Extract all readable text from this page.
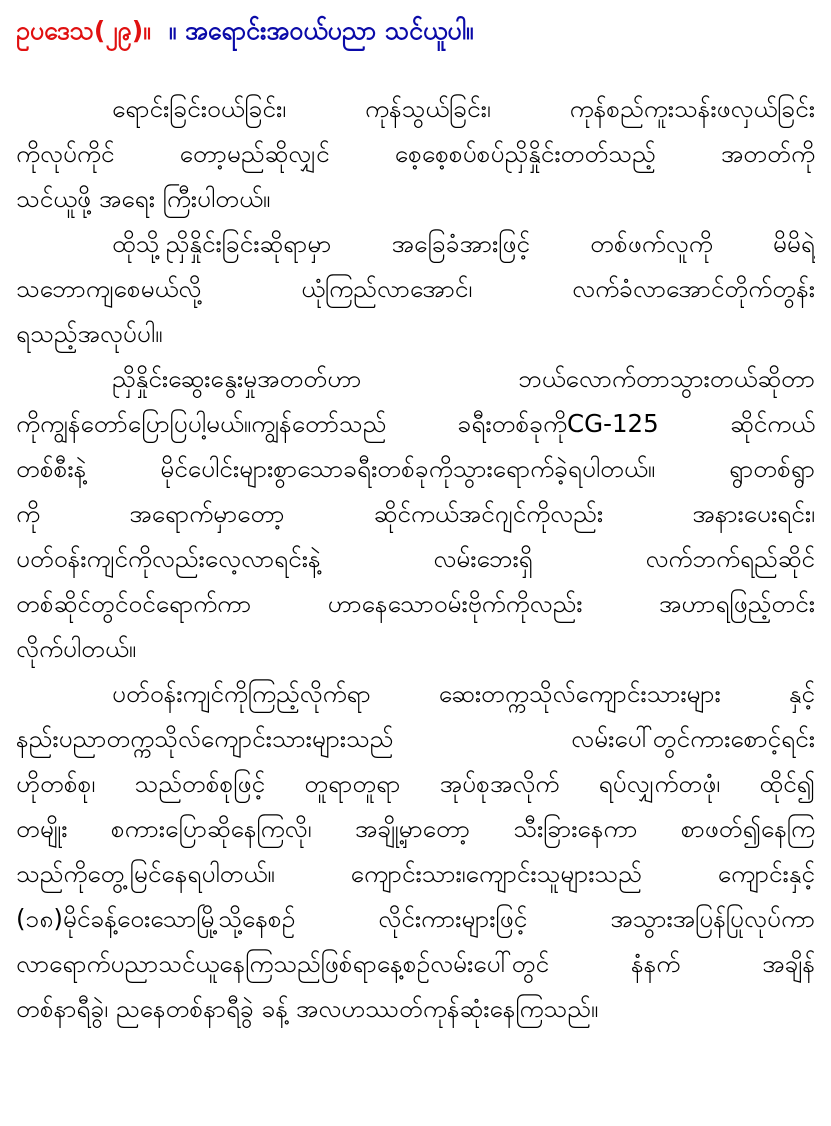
ဥပဒေသ(၂၉)။ ။ အရောင်းအဝယ်ပညာ သင်ယူပါ။
ရောင်းခြင်းဝယ်ခြင်း၊ ကုန်သွယ်ခြင်း၊ ကုန်စည်ကူးသန်းဖလှယ်ခြင်း
ကိုလုပ်ကိုင် တော့မည်ဆိုလျှင် စေ့စေ့စပ်စပ်ညှိနှိုင်းတတ်သည့် အတတ်ကို
သင်ယူဖို့ အရေး ကြီးပါတယ်။
ထိုသို့ညှိနှိုင်းခြင်းဆိုရာမှာ အခြေခံအားဖြင့် တစ်ဖက်လူကို မိမိရဲ့
သဘောကျစေမယ်လို့ ယုံကြည်လာအောင်၊ လက်ခံလာအောင်တိုက်တွန်း
ရသည့်အလုပ်ပါ။
ညှိနှိုင်းဆွေးနွေးမှုအတတ်ဟာ ဘယ်လောက်တာသွားတယ်ဆိုတာ
ကိုကျွန်တော်ပြောပြပါ့မယ်။ကျွန်တော်သည် ခရီးတစ်ခုကိုCG-125 ဆိုင်ကယ်
တစ်စီးနဲ့ မိုင်ပေါင်းများစွာသောခရီးတစ်ခုကိုသွားရောက်ခဲ့ရပါတယ်။ ရွာတစ်ရွာ
ကို အရောက်မှာတော့ ဆိုင်ကယ်အင်ဂျင်ကိုလည်း အနားပေးရင်း၊
ပတ်ဝန်းကျင်ကိုလည်းလေ့လာရင်းနဲ့ လမ်းဘေးရှိ လက်ဘက်ရည်ဆိုင်
တစ်ဆိုင်တွင်ဝင်ရောက်ကာ ဟာနေသောဝမ်းဗိုက်ကိုလည်း အဟာရဖြည့်တင်း
လိုက်ပါတယ်။
ပတ်ဝန်းကျင်ကိုကြည့်လိုက်ရာ ဆေးတက္ကသိုလ်ကျောင်းသားများ နှင့်
နည်းပညာတက္ကသိုလ်ကျောင်းသားများသည် လမ်းပေါ်တွင်ကားစောင့်ရင်း
ဟိုတစ်စု၊ သည်တစ်စုဖြင့် တူရာတူရာ အုပ်စုအလိုက် ရပ်လျှက်တဖုံ၊ ထိုင်၍
တမျိုး စကားပြောဆိုနေကြလို၊ အချို့မှာတော့ သီးခြားနေကာ စာဖတ်၍နေကြ
သည်ကိုတွေ့မြင်နေရပါတယ်။ ကျောင်းသား၊ကျောင်းသူများသည် ကျောင်းနှင့်
(၁၈)မိုင်ခန့်ဝေးသောမြို့သို့နေစဉ် လိုင်းကားများဖြင့် အသွားအပြန်ပြုလုပ်ကာ
လာရောက်ပညာသင်ယူနေကြသည်ဖြစ်ရာနေ့စဉ်လမ်းပေါ်တွင် နံနက် အချိန်
တစ်နာရီခွဲ၊ ညနေတစ်နာရီခွဲ ခန့် အလဟဿတ်ကုန်ဆုံးနေကြသည်။
